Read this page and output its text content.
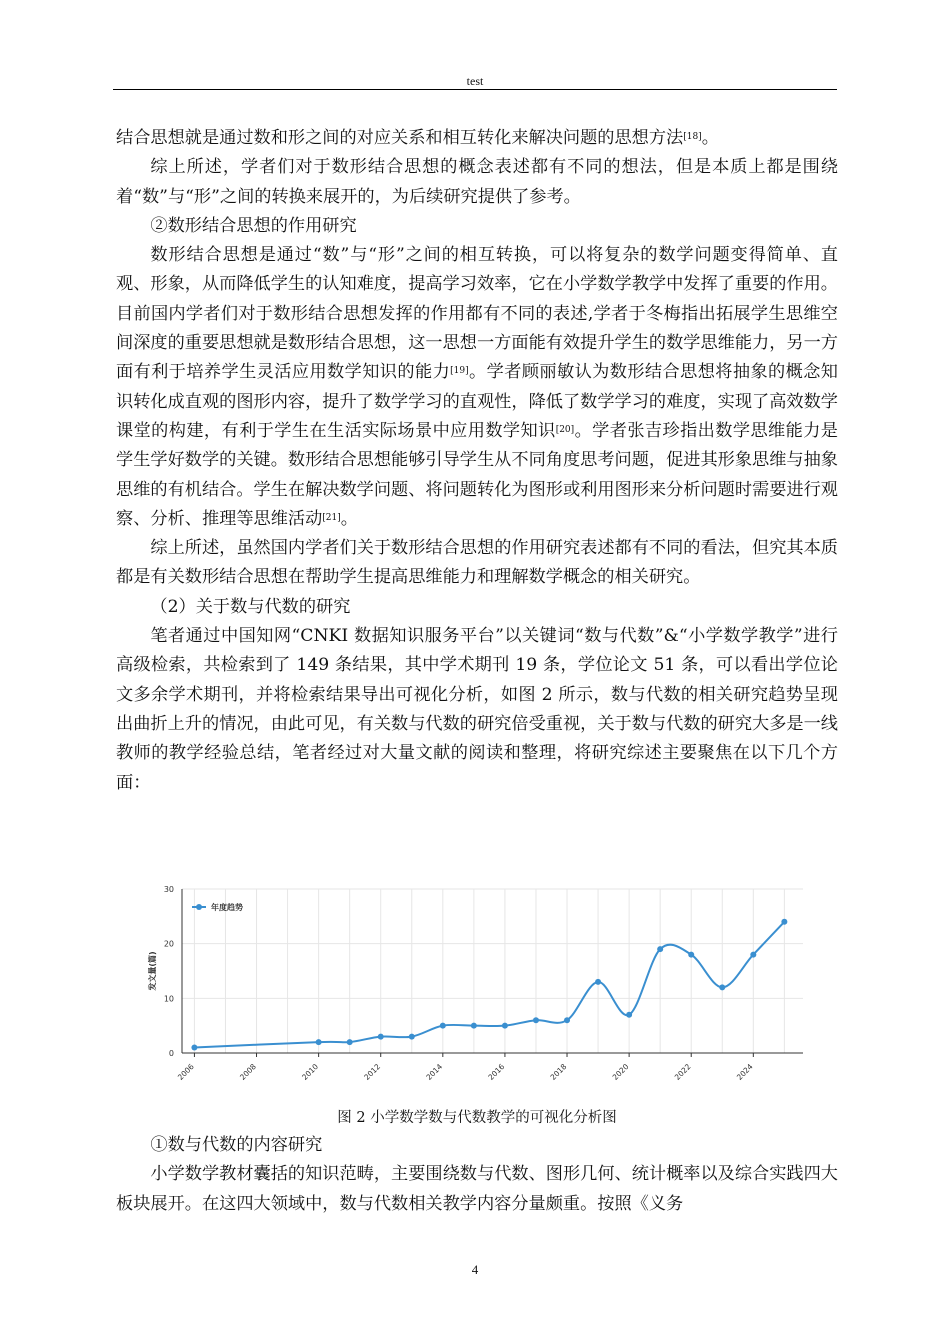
test

结合思想就是通过数和形之间的对应关系和相互转化来解决问题的思想方法[18]。

综上所述，学者们对于数形结合思想的概念表述都有不同的想法，但是本质上都是围绕着“数”与“形”之间的转换来展开的，为后续研究提供了参考。

②数形结合思想的作用研究

数形结合思想是通过“数”与“形”之间的相互转换，可以将复杂的数学问题变得简单、直观、形象，从而降低学生的认知难度，提高学习效率，它在小学数学教学中发挥了重要的作用。目前国内学者们对于数形结合思想发挥的作用都有不同的表述,学者于冬梅指出拓展学生思维空间深度的重要思想就是数形结合思想，这一思想一方面能有效提升学生的数学思维能力，另一方面有利于培养学生灵活应用数学知识的能力[19]。学者顾丽敏认为数形结合思想将抽象的概念知识转化成直观的图形内容，提升了数学学习的直观性，降低了数学学习的难度，实现了高效数学课堂的构建，有利于学生在生活实际场景中应用数学知识[20]。学者张吉珍指出数学思维能力是学生学好数学的关键。数形结合思想能够引导学生从不同角度思考问题，促进其形象思维与抽象思维的有机结合。学生在解决数学问题、将问题转化为图形或利用图形来分析问题时需要进行观察、分析、推理等思维活动[21]。

综上所述，虽然国内学者们关于数形结合思想的作用研究表述都有不同的看法，但究其本质都是有关数形结合思想在帮助学生提高思维能力和理解数学概念的相关研究。

（2）关于数与代数的研究

笔者通过中国知网“CNKI 数据知识服务平台”以关键词“数与代数”&“小学数学教学”进行高级检索，共检索到了 149 条结果，其中学术期刊 19 条，学位论文 51 条，可以看出学位论文多余学术期刊，并将检索结果导出可视化分析，如图 2 所示，数与代数的相关研究趋势呈现出曲折上升的情况，由此可见，有关数与代数的研究倍受重视，关于数与代数的研究大多是一线教师的教学经验总结，笔者经过对大量文献的阅读和整理，将研究综述主要聚焦在以下几个方面：

0
10
20
30
2006	2008	2010	2012	2014	2016	2018	2020	2022	2024
发文量(篇)
年度趋势
图 2 小学数学数与代数教学的可视化分析图

①数与代数的内容研究

小学数学教材囊括的知识范畴，主要围绕数与代数、图形几何、统计概率以及综合实践四大板块展开。在这四大领域中，数与代数相关教学内容分量颇重。按照《义务

4
